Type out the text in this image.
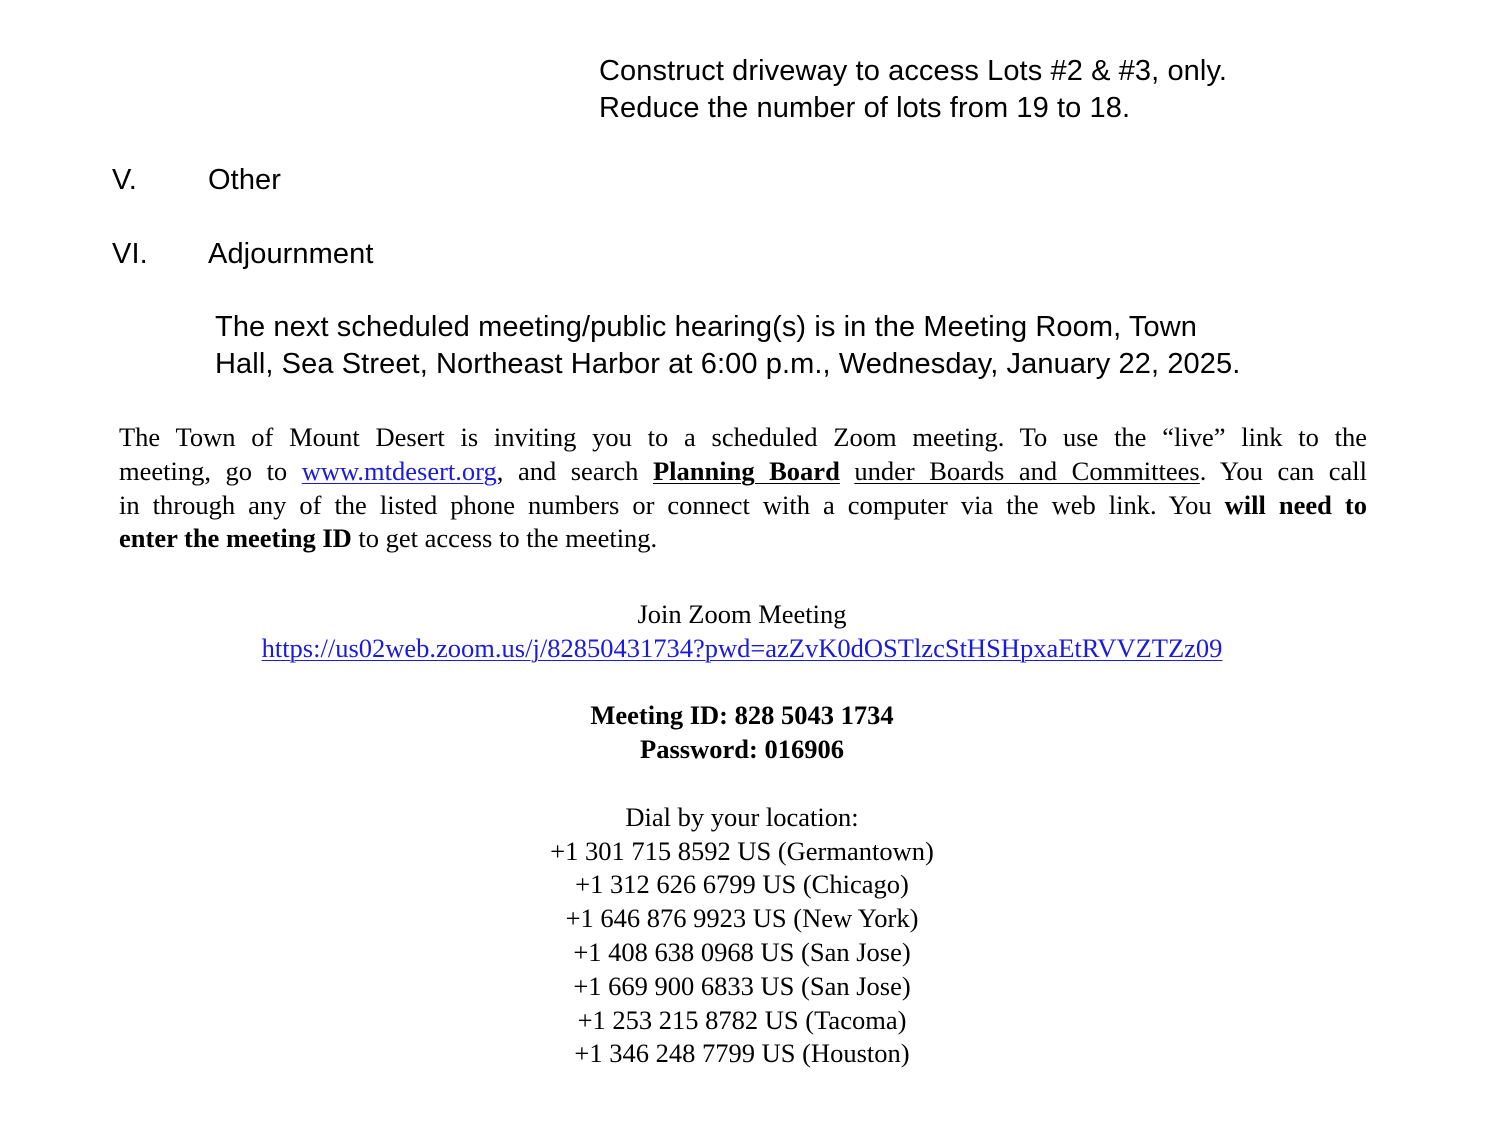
Construct driveway to access Lots #2 & #3, only.
Reduce the number of lots from 19 to 18.
V. Other
VI. Adjournment
The next scheduled meeting/public hearing(s) is in the Meeting Room, Town
Hall, Sea Street, Northeast Harbor at 6:00 p.m., Wednesday, January 22, 2025.
The Town of Mount Desert is inviting you to a scheduled Zoom meeting. To use the “live” link to the
meeting, go to www.mtdesert.org, and search Planning Board under Boards and Committees. You can call
in through any of the listed phone numbers or connect with a computer via the web link. You will need to
enter the meeting ID to get access to the meeting.
Join Zoom Meeting
https://us02web.zoom.us/j/82850431734?pwd=azZvK0dOSTlzcStHSHpxaEtRVVZTZz09
Meeting ID: 828 5043 1734
Password: 016906
Dial by your location:
+1 301 715 8592 US (Germantown)
+1 312 626 6799 US (Chicago)
+1 646 876 9923 US (New York)
+1 408 638 0968 US (San Jose)
+1 669 900 6833 US (San Jose)
+1 253 215 8782 US (Tacoma)
+1 346 248 7799 US (Houston)
